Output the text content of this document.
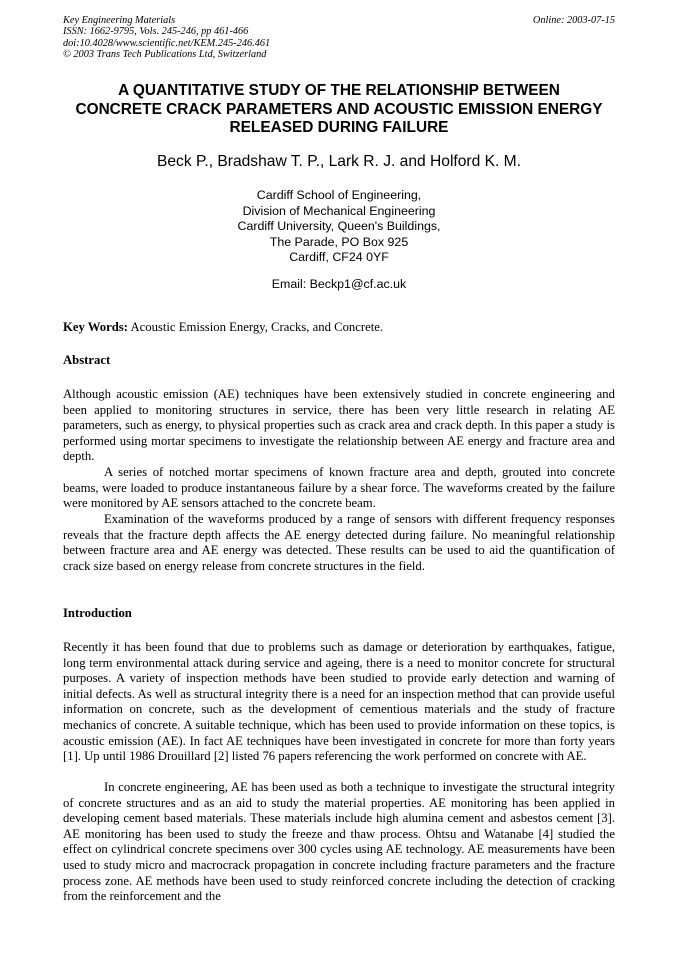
Key Engineering Materials
ISSN: 1662-9795, Vols. 245-246, pp 461-466
doi:10.4028/www.scientific.net/KEM.245-246.461
© 2003 Trans Tech Publications Ltd, Switzerland
Online: 2003-07-15
A QUANTITATIVE STUDY OF THE RELATIONSHIP BETWEEN
CONCRETE CRACK PARAMETERS AND ACOUSTIC EMISSION ENERGY
RELEASED DURING FAILURE
Beck P., Bradshaw T. P., Lark R. J. and Holford K. M.
Cardiff School of Engineering,
Division of Mechanical Engineering
Cardiff University, Queen's Buildings,
The Parade, PO Box 925
Cardiff, CF24 0YF
Email: Beckp1@cf.ac.uk
Key Words: Acoustic Emission Energy, Cracks, and Concrete.
Abstract
Although acoustic emission (AE) techniques have been extensively studied in concrete engineering and been applied to monitoring structures in service, there has been very little research in relating AE parameters, such as energy, to physical properties such as crack area and crack depth. In this paper a study is performed using mortar specimens to investigate the relationship between AE energy and fracture area and depth.
A series of notched mortar specimens of known fracture area and depth, grouted into concrete beams, were loaded to produce instantaneous failure by a shear force. The waveforms created by the failure were monitored by AE sensors attached to the concrete beam.
Examination of the waveforms produced by a range of sensors with different frequency responses reveals that the fracture depth affects the AE energy detected during failure. No meaningful relationship between fracture area and AE energy was detected. These results can be used to aid the quantification of crack size based on energy release from concrete structures in the field.
Introduction
Recently it has been found that due to problems such as damage or deterioration by earthquakes, fatigue, long term environmental attack during service and ageing, there is a need to monitor concrete for structural purposes. A variety of inspection methods have been studied to provide early detection and warning of initial defects. As well as structural integrity there is a need for an inspection method that can provide useful information on concrete, such as the development of cementious materials and the study of fracture mechanics of concrete. A suitable technique, which has been used to provide information on these topics, is acoustic emission (AE). In fact AE techniques have been investigated in concrete for more than forty years [1]. Up until 1986 Drouillard [2] listed 76 papers referencing the work performed on concrete with AE.
In concrete engineering, AE has been used as both a technique to investigate the structural integrity of concrete structures and as an aid to study the material properties. AE monitoring has been applied in developing cement based materials. These materials include high alumina cement and asbestos cement [3]. AE monitoring has been used to study the freeze and thaw process. Ohtsu and Watanabe [4] studied the effect on cylindrical concrete specimens over 300 cycles using AE technology. AE measurements have been used to study micro and macrocrack propagation in concrete including fracture parameters and the fracture process zone. AE methods have been used to study reinforced concrete including the detection of cracking from the reinforcement and the
